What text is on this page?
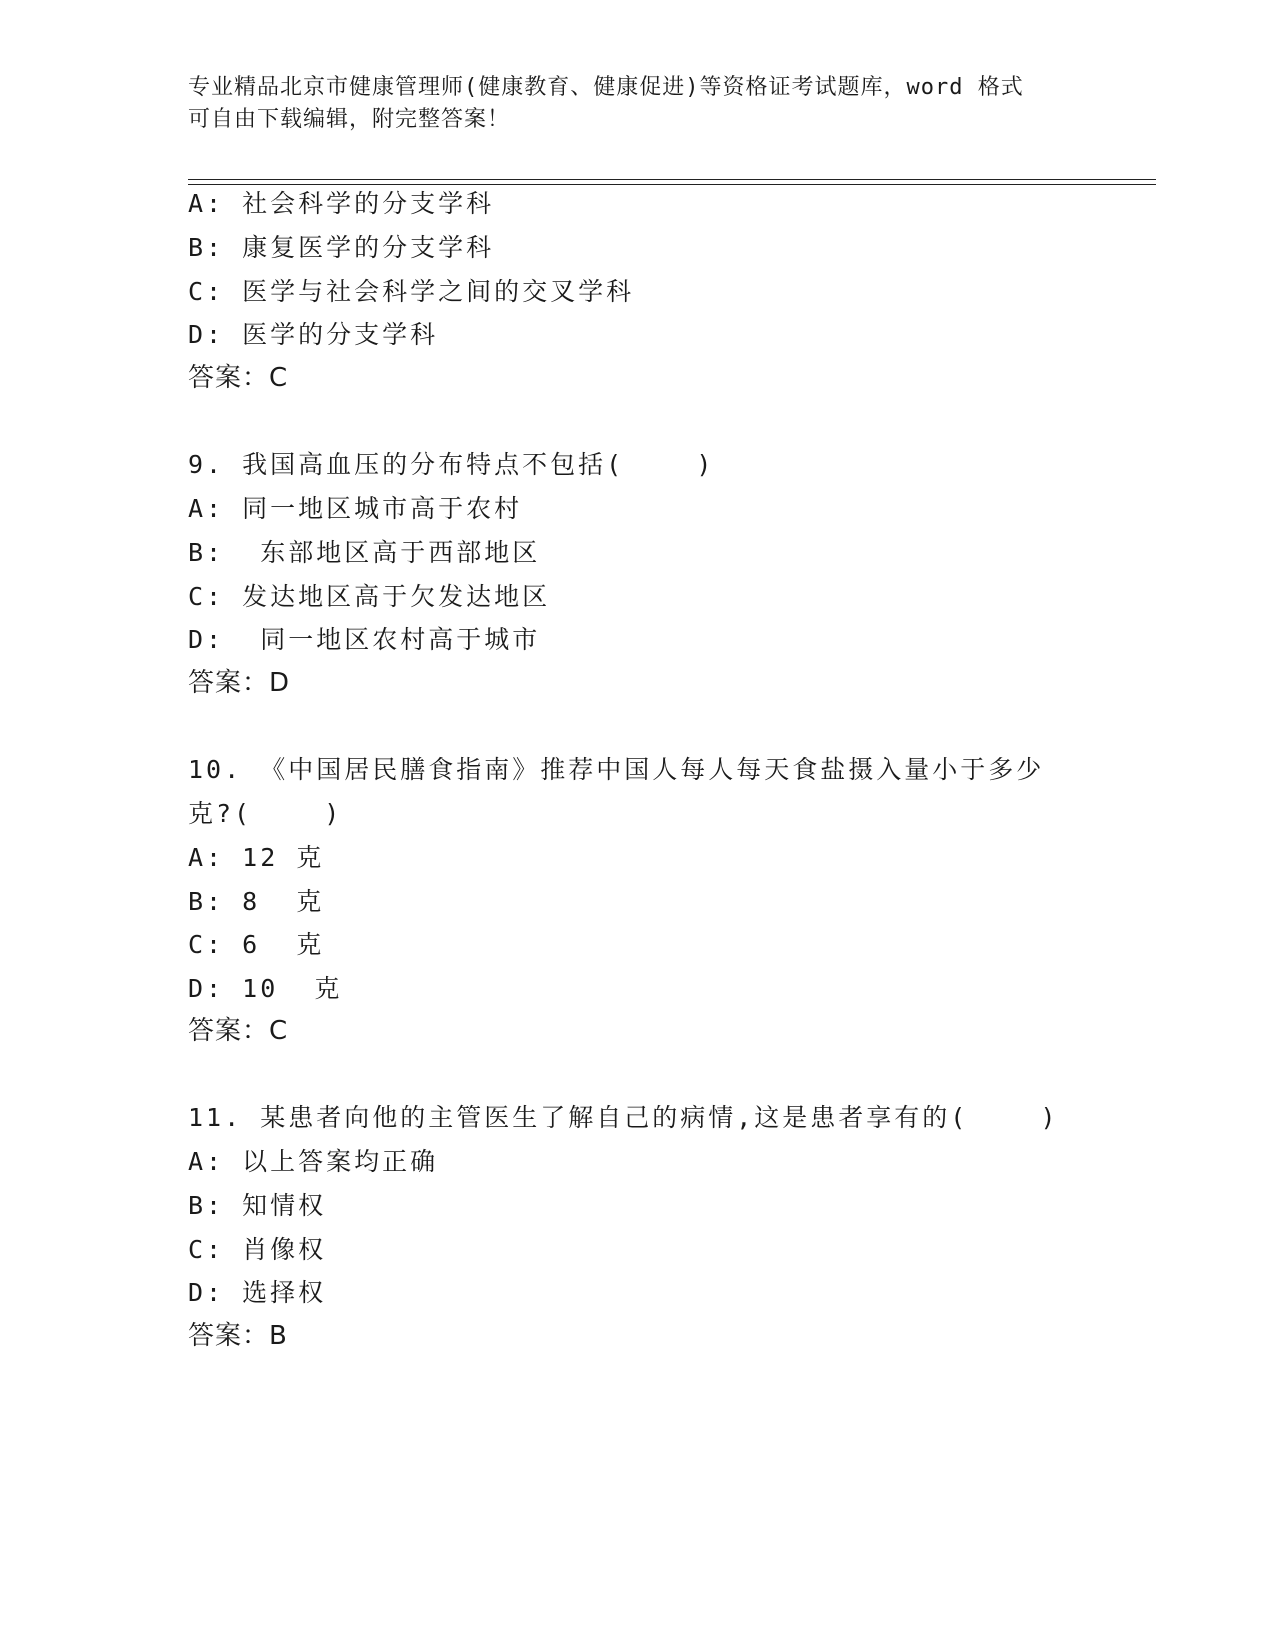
专业精品北京市健康管理师(健康教育、健康促进)等资格证考试题库，word 格式
可自由下载编辑，附完整答案！
A: 社会科学的分支学科
B: 康复医学的分支学科
C: 医学与社会科学之间的交叉学科
D: 医学的分支学科
答案：C
9. 我国高血压的分布特点不包括(    )
A: 同一地区城市高于农村
B:  东部地区高于西部地区
C: 发达地区高于欠发达地区
D:  同一地区农村高于城市
答案：D
10. 《中国居民膳食指南》推荐中国人每人每天食盐摄入量小于多少
克?(    )
A: 12 克
B: 8  克
C: 6  克
D: 10  克
答案：C
11. 某患者向他的主管医生了解自己的病情,这是患者享有的(    )
A: 以上答案均正确
B: 知情权
C: 肖像权
D: 选择权
答案：B
